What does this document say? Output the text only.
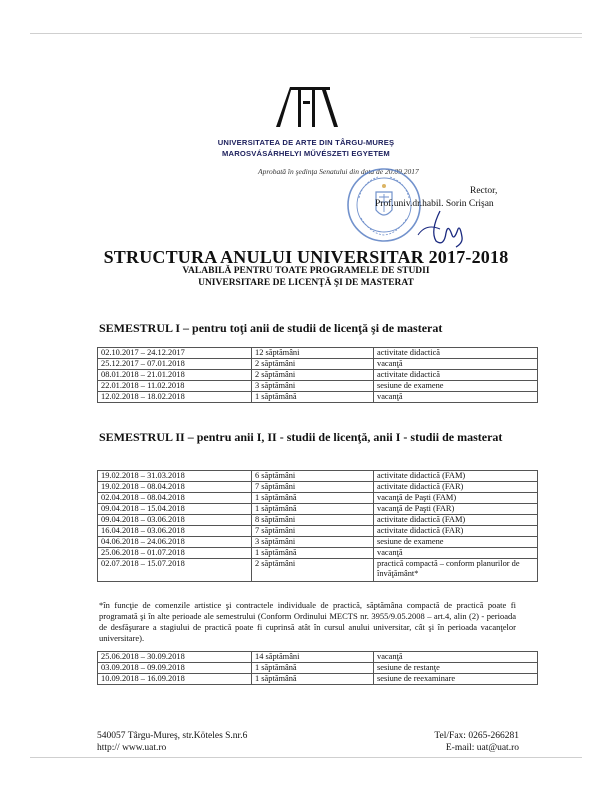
UNIVERSITATEA DE ARTE DIN TÂRGU-MUREŞ
MAROSVÁSÁRHELYI MŰVÉSZETI EGYETEM
Aprobată în şedinţa Senatului din data de 20.09.2017
Rector,
Prof.univ.dr.habil. Sorin Crişan
STRUCTURA ANULUI UNIVERSITAR 2017-2018
VALABILĂ PENTRU TOATE PROGRAMELE DE STUDII
UNIVERSITARE DE LICENŢĂ ŞI DE MASTERAT
SEMESTRUL I – pentru toţi anii de studii de licenţă şi de masterat
02.10.2017 – 24.12.2017	12 săptămâni	activitate didactică
25.12.2017 – 07.01.2018	2 săptămâni	vacanţă
08.01.2018 – 21.01.2018	2 săptămâni	activitate didactică
22.01.2018 – 11.02.2018	3 săptămâni	sesiune de examene
12.02.2018 – 18.02.2018	1 săptămână	vacanţă
SEMESTRUL II – pentru anii I, II - studii de licenţă, anii I - studii de masterat
19.02.2018 – 31.03.2018	6 săptămâni	activitate didactică (FAM)
19.02.2018 – 08.04.2018	7 săptămâni	activitate didactică (FAR)
02.04.2018 – 08.04.2018	1 săptămână	vacanţă de Paşti (FAM)
09.04.2018 – 15.04.2018	1 săptămână	vacanţă de Paşti (FAR)
09.04.2018 – 03.06.2018	8 săptămâni	activitate didactică (FAM)
16.04.2018 – 03.06.2018	7 săptămâni	activitate didactică (FAR)
04.06.2018 – 24.06.2018	3 săptămâni	sesiune de examene
25.06.2018 – 01.07.2018	1 săptămână	vacanţă
02.07.2018 – 15.07.2018	2 săptămâni	practică compactă – conform planurilor de învăţământ*
*în funcţie de comenzile artistice şi contractele individuale de practică, săptămâna compactă de practică poate fi programată şi în alte perioade ale semestrului (Conform Ordinului MECTS nr. 3955/9.05.2008 – art.4, alin (2) - perioada de desfăşurare a stagiului de practică poate fi cuprinsă atât în cursul anului universitar, cât şi în perioada vacanţelor universitare).
25.06.2018 – 30.09.2018	14 săptămâni	vacanţă
03.09.2018 – 09.09.2018	1 săptămână	sesiune de restanţe
10.09.2018 – 16.09.2018	1 săptămână	sesiune de reexaminare
540057 Târgu-Mureş, str.Köteles S.nr.6
http:// www.uat.ro
Tel/Fax: 0265-266281
E-mail: uat@uat.ro
